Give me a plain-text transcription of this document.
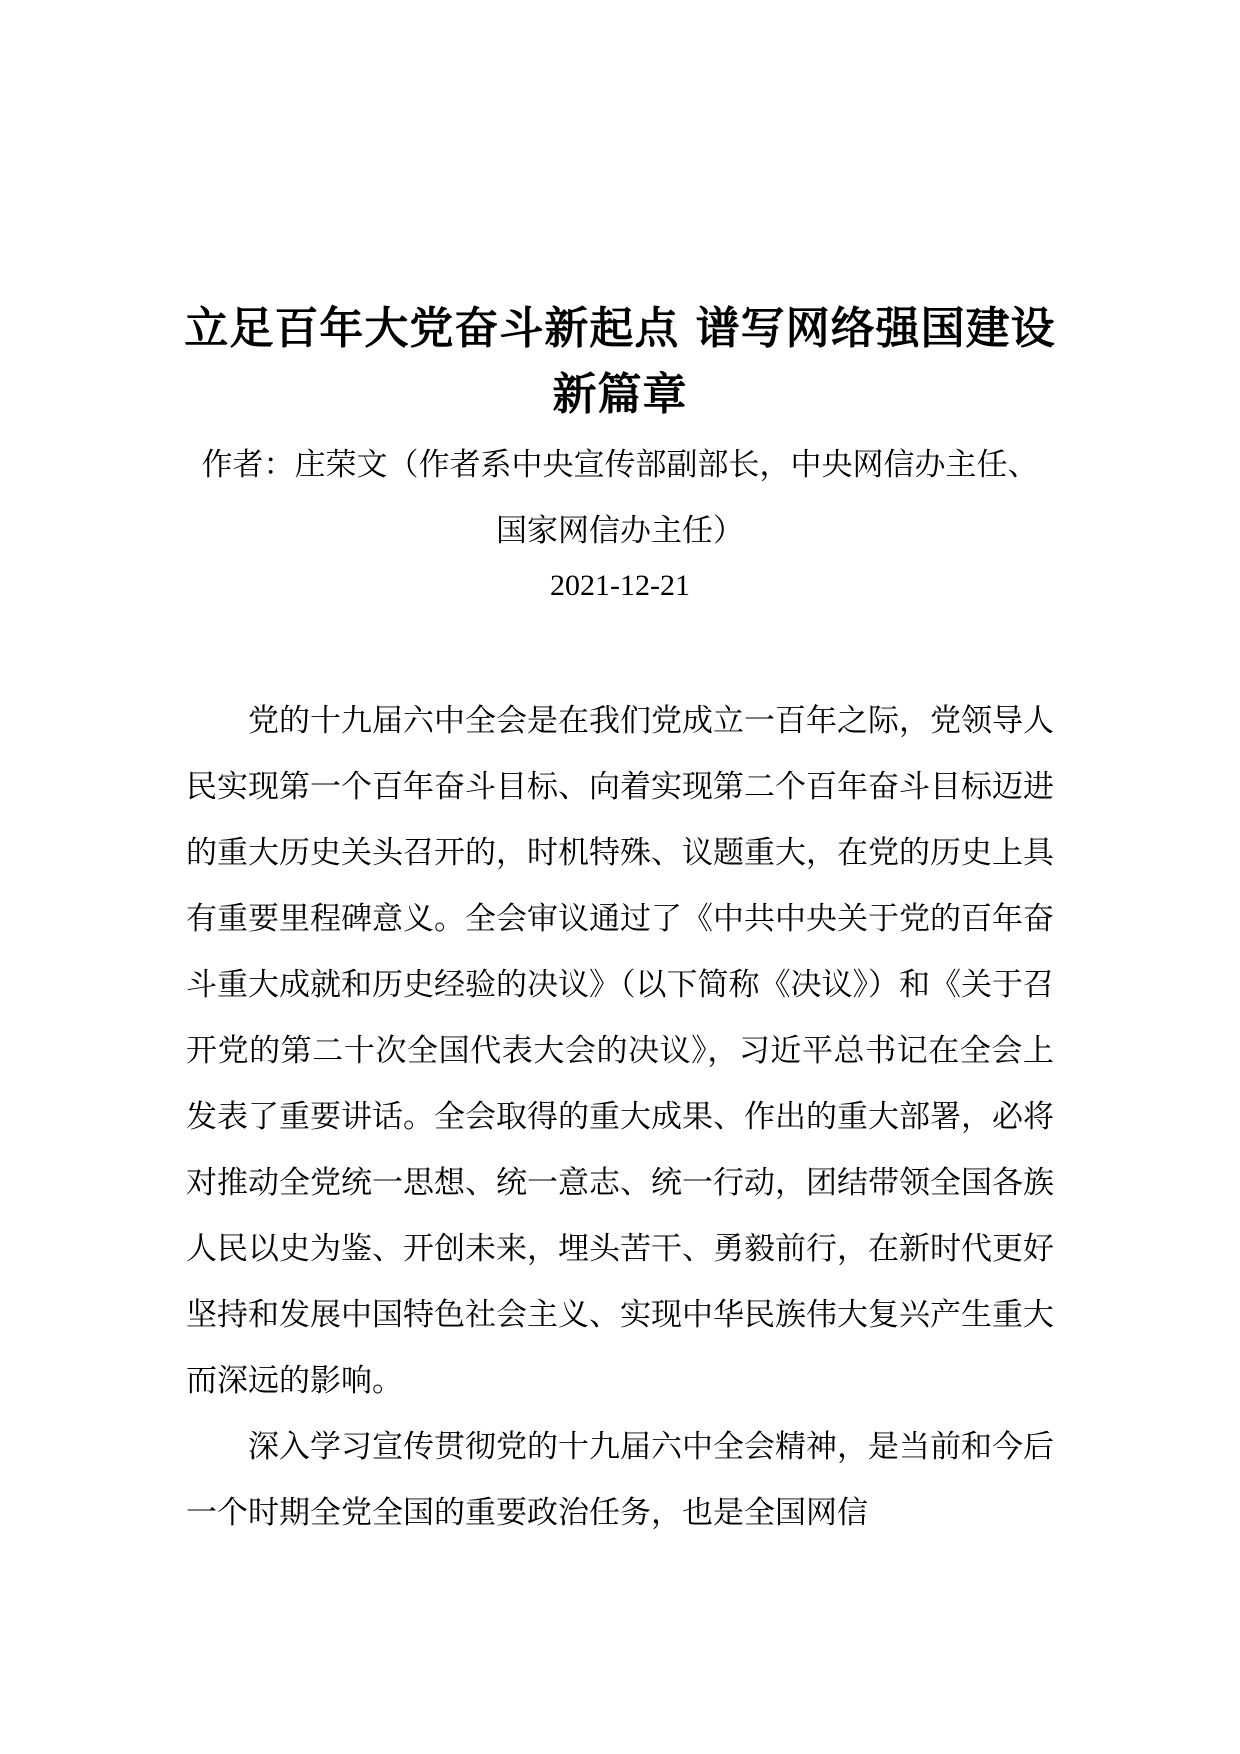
立足百年大党奋斗新起点 谱写网络强国建设新篇章
作者：庄荣文（作者系中央宣传部副部长，中央网信办主任、国家网信办主任）
2021-12-21

党的十九届六中全会是在我们党成立一百年之际，党领导人民实现第一个百年奋斗目标、向着实现第二个百年奋斗目标迈进的重大历史关头召开的，时机特殊、议题重大，在党的历史上具有重要里程碑意义。全会审议通过了《中共中央关于党的百年奋斗重大成就和历史经验的决议》（以下简称《决议》）和《关于召开党的第二十次全国代表大会的决议》，习近平总书记在全会上发表了重要讲话。全会取得的重大成果、作出的重大部署，必将对推动全党统一思想、统一意志、统一行动，团结带领全国各族人民以史为鉴、开创未来，埋头苦干、勇毅前行，在新时代更好坚持和发展中国特色社会主义、实现中华民族伟大复兴产生重大而深远的影响。

深入学习宣传贯彻党的十九届六中全会精神，是当前和今后一个时期全党全国的重要政治任务，也是全国网信
